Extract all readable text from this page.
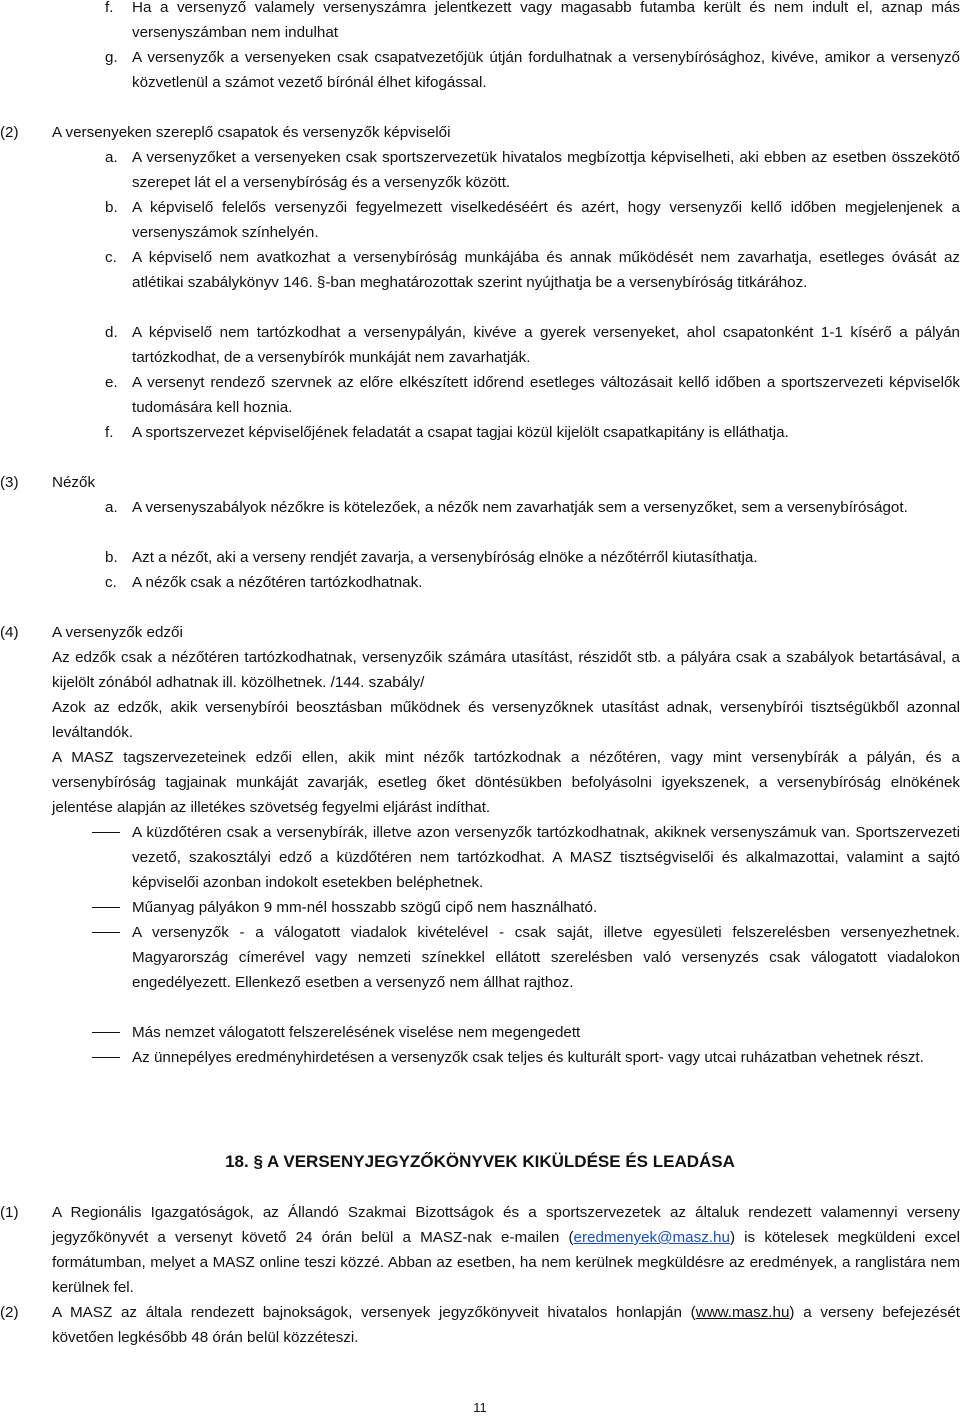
f.	Ha a versenyző valamely versenyszámra jelentkezett vagy magasabb futamba került és nem indult el, aznap más versenyszámban nem indulhat
g. A versenyzők a versenyeken csak csapatvezetőjük útján fordulhatnak a versenybírósághoz, kivéve, amikor a versenyző közvetlenül a számot vezető bírónál élhet kifogással.
(2)	A versenyeken szereplő csapatok és versenyzők képviselői
a. A versenyzőket a versenyeken csak sportszervezetük hivatalos megbízottja képviselheti, aki ebben az esetben összekötő szerepet lát el a versenybíróság és a versenyzők között.
b. A képviselő felelős versenyzői fegyelmezett viselkedéséért és azért, hogy versenyzői kellő időben megjelenjenek a versenyszámok színhelyén.
c. A képviselő nem avatkozhat a versenybíróság munkájába és annak működését nem zavarhatja, esetleges óvását az atlétikai szabálykönyv 146. §-ban meghatározottak szerint nyújthatja be a versenybíróság titkárához.
d. A képviselő nem tartózkodhat a versenypályán, kivéve a gyerek versenyeket, ahol csapatonként 1-1 kísérő a pályán tartózkodhat, de a versenybírók munkáját nem zavarhatják.
e. A versenyt rendező szervnek az előre elkészített időrend esetleges változásait kellő időben a sportszervezeti képviselők tudomására kell hoznia.
f.	A sportszervezet képviselőjének feladatát a csapat tagjai közül kijelölt csapatkapitány is elláthatja.
(3)	Nézők
a. A versenyszabályok nézőkre is kötelezőek, a nézők nem zavarhatják sem a versenyzőket, sem a versenybíróságot.
b. Azt a nézőt, aki a verseny rendjét zavarja, a versenybíróság elnöke a nézőtérről kiutasíthatja.
c. A nézők csak a nézőtéren tartózkodhatnak.
(4)	A versenyzők edzői
Az edzők csak a nézőtéren tartózkodhatnak, versenyzőik számára utasítást, részidőt stb. a pályára csak a szabályok betartásával, a kijelölt zónából adhatnak ill. közölhetnek. /144. szabály/
Azok az edzők, akik versenybírói beosztásban működnek és versenyzőknek utasítást adnak, versenybírói tisztségükből azonnal leváltandók.
A MASZ tagszervezeteinek edzői ellen, akik mint nézők tartózkodnak a nézőtéren, vagy mint versenybírák a pályán, és a versenybíróság tagjainak munkáját zavarják, esetleg őket döntésükben befolyásolni igyekszenek, a versenybíróság elnökének jelentése alapján az illetékes szövetség fegyelmi eljárást indíthat.
A küzdőtéren csak a versenybírák, illetve azon versenyzők tartózkodhatnak, akiknek versenyszámuk van. Sportszervezeti vezető, szakosztályi edző a küzdőtéren nem tartózkodhat. A MASZ tisztségviselői és alkalmazottai, valamint a sajtó képviselői azonban indokolt esetekben beléphetnek.
Műanyag pályákon 9 mm-nél hosszabb szögű cipő nem használható.
A versenyzők - a válogatott viadalok kivételével - csak saját, illetve egyesületi felszerelésben versenyezhetnek. Magyarország címerével vagy nemzeti színekkel ellátott szerelésben való versenyzés csak válogatott viadalokon engedélyezett. Ellenkező esetben a versenyző nem állhat rajthoz.
Más nemzet válogatott felszerelésének viselése nem megengedett
Az ünnepélyes eredményhirdetésen a versenyzők csak teljes és kulturált sport- vagy utcai ruházatban vehetnek részt.
18. § A VERSENYJEGYZŐKÖNYVEK KIKÜLDÉSE ÉS LEADÁSA
(1)	A Regionális Igazgatóságok, az Állandó Szakmai Bizottságok és a sportszervezetek az általuk rendezett valamennyi verseny jegyzőkönyvét a versenyt követő 24 órán belül a MASZ-nak e-mailen (eredmenyek@masz.hu) is kötelesek megküldeni excel formátumban, melyet a MASZ online teszi közzé. Abban az esetben, ha nem kerülnek megküldésre az eredmények, a ranglistára nem kerülnek fel.
(2)	A MASZ az általa rendezett bajnokságok, versenyek jegyzőkönyveit hivatalos honlapján (www.masz.hu) a verseny befejezését követően legkésőbb 48 órán belül közzéteszi.
11
